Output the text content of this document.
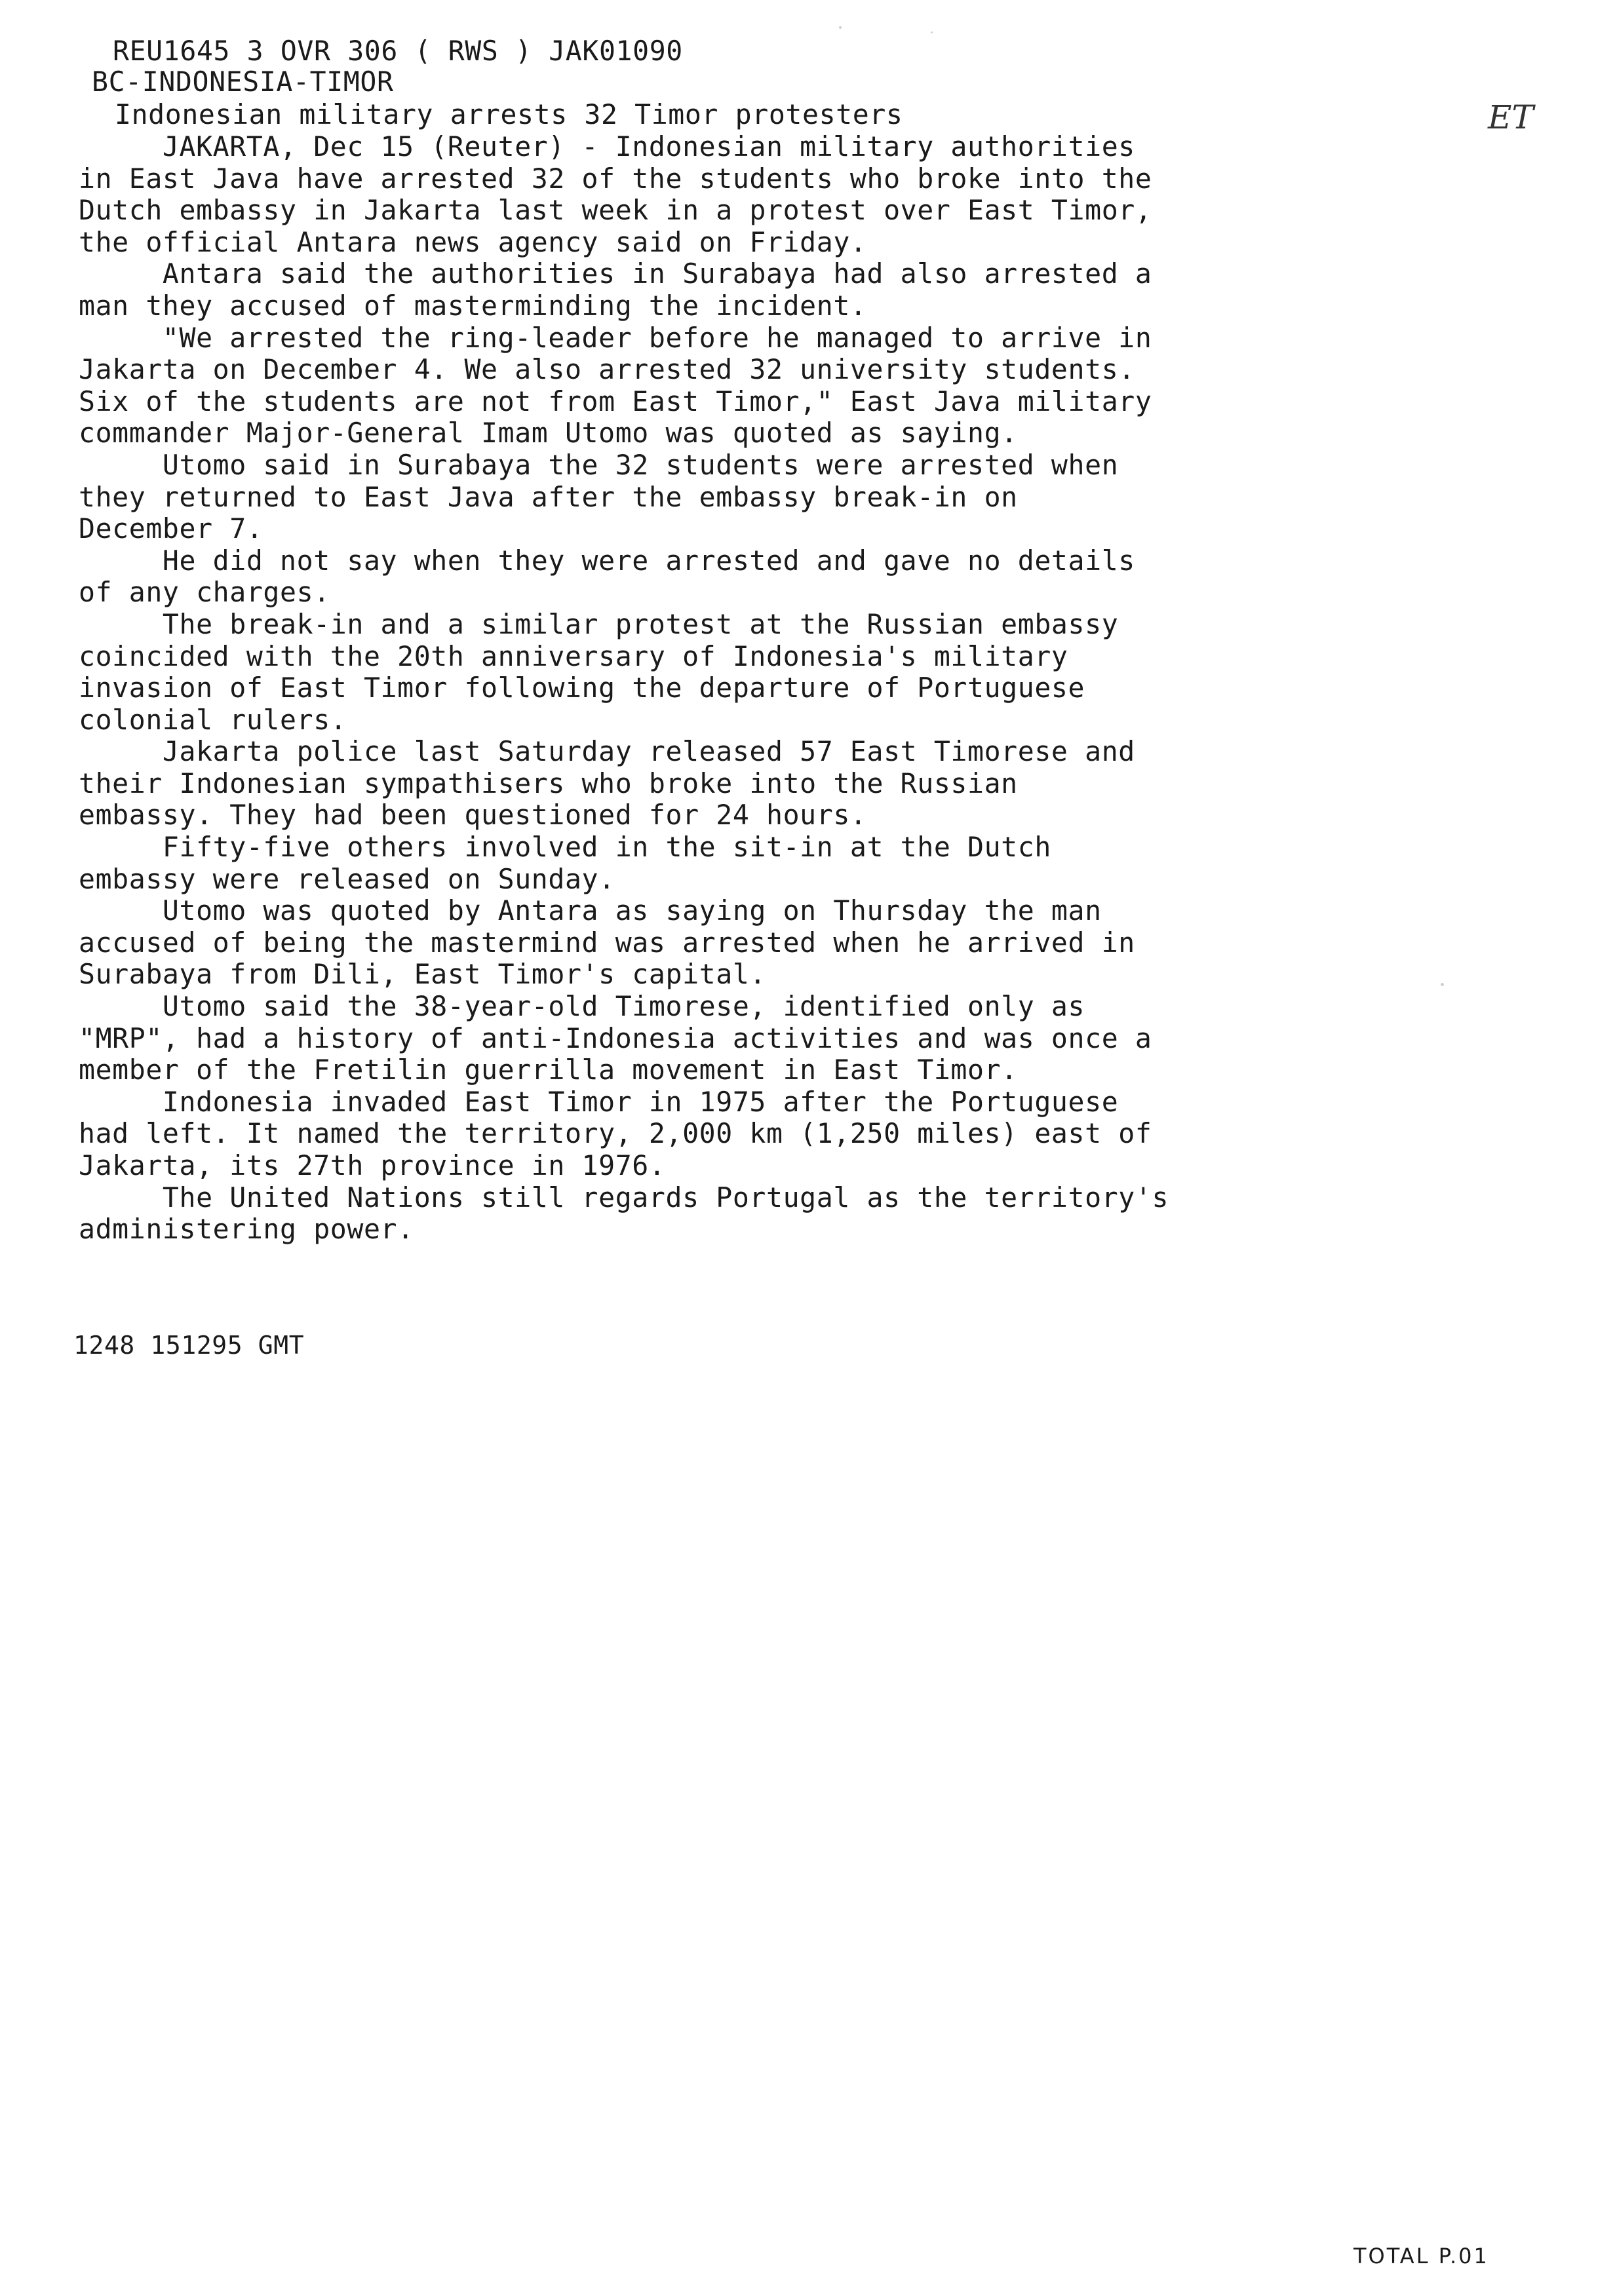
REU1645 3 OVR 306 ( RWS ) JAK01090
BC-INDONESIA-TIMOR
Indonesian military arrests 32 Timor protesters	ET
JAKARTA, Dec 15 (Reuter) - Indonesian military authorities
in East Java have arrested 32 of the students who broke into the
Dutch embassy in Jakarta last week in a protest over East Timor,
the official Antara news agency said on Friday.
Antara said the authorities in Surabaya had also arrested a
man they accused of masterminding the incident.
"We arrested the ring-leader before he managed to arrive in
Jakarta on December 4. We also arrested 32 university students.
Six of the students are not from East Timor," East Java military
commander Major-General Imam Utomo was quoted as saying.
Utomo said in Surabaya the 32 students were arrested when
they returned to East Java after the embassy break-in on
December 7.
He did not say when they were arrested and gave no details
of any charges.
The break-in and a similar protest at the Russian embassy
coincided with the 20th anniversary of Indonesia's military
invasion of East Timor following the departure of Portuguese
colonial rulers.
Jakarta police last Saturday released 57 East Timorese and
their Indonesian sympathisers who broke into the Russian
embassy. They had been questioned for 24 hours.
Fifty-five others involved in the sit-in at the Dutch
embassy were released on Sunday.
Utomo was quoted by Antara as saying on Thursday the man
accused of being the mastermind was arrested when he arrived in
Surabaya from Dili, East Timor's capital.
Utomo said the 38-year-old Timorese, identified only as
"MRP", had a history of anti-Indonesia activities and was once a
member of the Fretilin guerrilla movement in East Timor.
Indonesia invaded East Timor in 1975 after the Portuguese
had left. It named the territory, 2,000 km (1,250 miles) east of
Jakarta, its 27th province in 1976.
The United Nations still regards Portugal as the territory's
administering power.
1248 151295 GMT
TOTAL P.01
